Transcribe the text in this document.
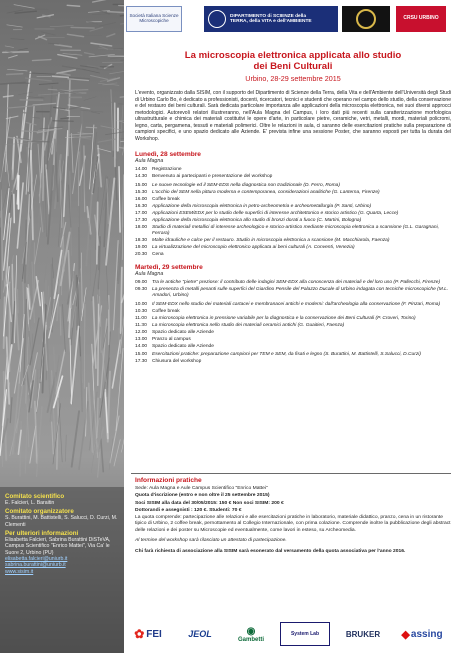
Comitato scientifico
E. Falcieri, L. Baraitin
Comitato organizzatore
S. Burattini, M. Battistelli, S. Salucci, D. Curzi, M. Clementi
Per ulteriori informazioni
Elisabetta Falcieri, Sabrina Burattini DiSTeVA, Campus Scientifico "Enrico Mattei", Via Ca' le Suore 2, Urbino (PU)
elisabetta.falcieri@uniurb.it
sabrina.burattini@uniurb.it
www.sisim.it
Società Italiana Scienze Microscopiche
DIPARTIMENTO di SCIENZE della
TERRA, della VITA e dell'AMBIENTE
CRSU URBINO
La microscopia elettronica applicata allo studio
dei Beni Culturali
Urbino, 28-29 settembre 2015
L'evento, organizzato dalla SISIM, con il supporto del Dipartimento di Scienze della Terra, della Vita e dell'Ambiente dell'Università degli Studi di Urbino Carlo Bo, è dedicato a professionisti, docenti, ricercatori, tecnici e studenti che operano nel campo dello studio, della conservazione e del restauro dei beni culturali. Sarà dedicata particolare importanza alle applicazioni della microscopia elettronica, nei suoi diversi approcci metodologici. Autorevoli relatori illustreranno, nell'Aula Magna del Campus, i loro dati più recenti sulla caratterizzazione morfologica ultrastrutturale e chimica dei materiali costitutivi le opere d'arte, in particolare pietre, ceramiche, vetri, metalli, mordi, materiali policromi, legno, carta, pergamena, tessuti e materiali polimerici. Oltre le relazioni in aula, ci saranno delle esercitazioni pratiche sulla preparazione di campioni specifici, e uno spazio dedicato alle Aziende. E' prevista infine una sessione Poster, che saranno esposti per tutta la durata del Workshop.
Lunedì, 28 settembre
Aula Magna
14.00	Registrazione
14.30	Benvenuto ai partecipanti e presentazione del workshop
15.00	Le nuove tecnologie ed il SEM-EDS nella diagnostica non tradizionale (D. Ferro, Roma)
15.30	L'occhio del SEM nella pittura moderna e contemporanea, considerazioni analitiche (G. Lanterna, Firenze)
16.00	Coffee break
16.30	Applicazione della microscopia elettronica in petro-archeometria e archeometallurgia (P. Santi, Urbino)
17.00	Applicazioni ESEM/EDX per lo studio delle superfici di interesse architettonico e storico artistico (G. Quarta, Lecce)
17.30	Applicazione della microscopia elettronica allo studio di bronzi dorati a fuoco (C. Martini, Bologna)
18.00	Studio di materiali metallici di interesse archeologico e storico-artistico mediante microscopia elettronica a scansione (G.L. Garagnani, Ferrara)
18.30	Malte idrauliche e calce per il restauro. Studio in microscopia elettronica a scansione (M. Macchiarola, Faenza)
19.00	La virtualizzazione del microscopio elettronico applicata ai beni culturali (A. Conventi, Venezia)
20.30	Cena
Martedì, 29 settembre
Aula Magna
09.00	Tra le antiche "pietre" preziose: il contributo delle indagini SEM-EDX alla conoscenza dei materiali e del loro uso (P. Pallecchi, Firenze)
09.30	La presenza di metalli pesanti sulle superfici del Giardino Pensile del Palazzo Ducale di Urbino indagata con tecniche microscopiche (M.L. Amadori, Urbino)
10.00	Il SEM-EDX nello studio dei materiali cartacei e membranacei antichi e moderni: dall'archeologia alla conservazione (F. Pinzari, Roma)
10.30	Coffee break
11.00	La microscopia elettronica in pressione variabile per la diagnostica e la conservazione dei Beni Culturali (P. Croveri, Torino)
11.30	La microscopia elettronica nello studio dei materiali ceramici antichi (G. Guaitieri, Faenza)
12.00	Spazio dedicato alle Aziende
13.00	Pranzo al campus
14.00	Spazio dedicato alle Aziende
15.00	Esercitazioni pratiche: preparazione campioni per TEM e SEM, da fisati e legno (S. Burattini, M. Battistelli, S.Salucci, D.Curzi)
17.30	Chiusura del workshop
Informazioni pratiche

Sede: Aula Magna e Aule Campus Scientifico "Enrico Mattei"

Quota d'iscrizione (entro e non oltre il 25 settembre 2015)

Soci SISIM alla data del 30/05/2015: 150 € Non soci SISIM: 200 €

Dottorandi e assegnisti : 120 €. Studenti: 70 €

La quota comprende: partecipazione alle relazioni e alle esercitazioni pratiche in laboratorio, materiale didattico, pranzo, cena in un ristorante tipico di Urbino, 2 coffee break, pernottamento al Collegio Internazionale, con prima colazione. Comprende inoltre la pubblicazione degli abstract delle relazioni e dei poster su Microscopie ed eventualmente, come lavori in esteso, su Archeomedia.

Al termine del workshop sarà rilasciato un attestato di partecipazione.

Chi farà richiesta di associazione alla SISIM sarà esonerato dal versamento della quota associativa per l'anno 2016.

✿ FEI	JEOL	◉
Gambetti
System Lab	BRUKER ◆ assing
